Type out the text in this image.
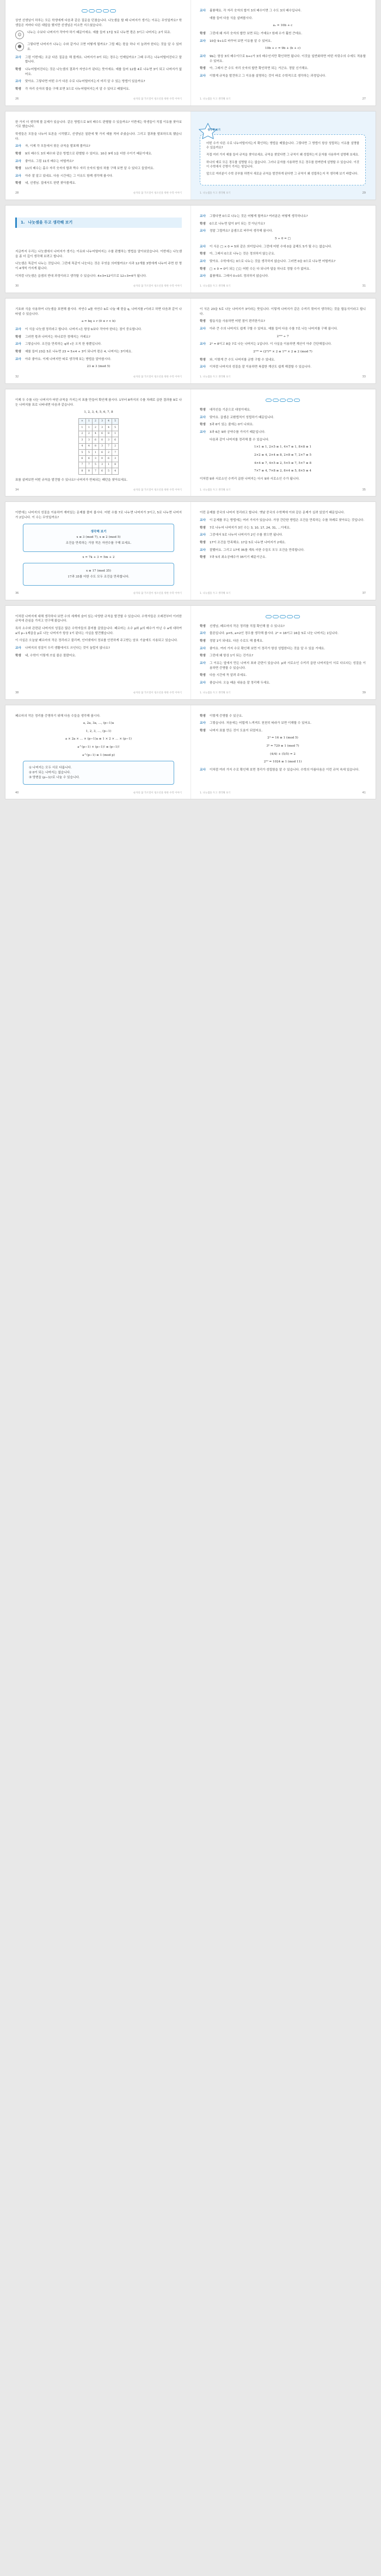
상연 선생님이 하루는 모든 학생에게 다음과 같은 질문을 던졌습니다. 나눗셈을 할 때 나머지가 생기는 이유는 무엇일까요? 학생들은 저마다 다른 대답을 했지만 선생님은 미소만 지으셨습니다.

☺	나누는 수보다 나머지가 작아야 하기 때문이에요. 예를 들어 17을 5로 나누면 몫은 3이고 나머지는 2가 되죠.
☻	그렇다면 나머지가 나누는 수와 같거나 크면 어떻게 될까요? 그럴 때는 몫을 하나 더 늘려야 한다는 것을 알 수 있어요.
교사	그럼 이번에는 조금 다른 질문을 해 볼게요. 나머지가 0이 되는 경우는 언제일까요? 그때 우리는 나누어떨어진다고 말합니다.
학생	나누어떨어진다는 것은 나눗셈의 결과가 자연수가 된다는 뜻이에요. 예를 들어 12를 4로 나누면 3이 되고 나머지가 없어요.
교사	맞아요. 그렇다면 어떤 수가 다른 수로 나누어떨어지는지 미리 알 수 있는 방법이 있을까요?
학생	각 자리 숫자의 합을 구해 보면 3으로 나누어떨어지는지 알 수 있다고 배웠어요.
26	순자의 꿈 가르칠이 청소년을 위한 수학 이야기
교사	훌륭해요. 각 자리 숫자의 합이 3의 배수이면 그 수도 3의 배수입니다.
예를 들어 다음 식을 살펴봅시다.
a₁ = 10b + c
학생	그런데 왜 자리 숫자의 합만 보면 되는 거예요? 원래 수가 훨씬 큰데요.
교사	10을 9+1로 바꾸어 보면 이유를 알 수 있어요.
10b + c = 9b + (b + c)
교사	9b는 항상 3의 배수이므로 b+c가 3의 배수인지만 확인하면 됩니다. 이것을 일반화하면 어떤 자릿수의 수에도 적용할 수 있어요.
학생	아, 그래서 큰 수도 자리 숫자의 합만 확인하면 되는 거군요. 정말 신기해요.
교사	이렇게 규칙을 발견하고 그 이유를 설명하는 것이 바로 수학적으로 생각하는 과정입니다.
27
1. 나눗셈을 두고 생각해 보기

한 가지 더 생각해 볼 문제가 있습니다. 같은 방법으로 9의 배수도 판별할 수 있을까요? 이번에는 학생들이 직접 이유를 찾아보기로 했습니다.

학생들은 모둠을 나누어 토론을 시작했고, 선생님은 칠판에 몇 가지 예를 적어 주셨습니다. 그리고 결과를 발표하도록 했습니다.

교사	자, 이제 각 모둠에서 찾은 규칙을 발표해 볼까요?
학생	9의 배수도 3의 배수와 같은 방법으로 판별할 수 있어요. 10은 9에 1을 더한 수이기 때문이에요.
교사	좋아요. 그럼 11의 배수는 어떨까요?
학생	11의 배수는 홀수 자리 숫자의 합과 짝수 자리 숫자의 합의 차를 구해 보면 알 수 있다고 들었어요.
교사	아주 잘 알고 있네요. 다음 시간에는 그 이유도 함께 생각해 봅시다.
학생	네, 선생님. 집에서도 한번 찾아볼게요.
28	순자의 꿈 가르칠이 청소년을 위한 수학 이야기
생각해 보기

어떤 수가 다른 수로 나누어떨어지는지 확인하는 방법을 배웠습니다. 그렇다면 그 방법이 항상 성립하는 이유를 설명할 수 있을까요?

직접 여러 가지 예를 들어 규칙을 찾아보세요. 규칙을 찾았다면 그 규칙이 왜 성립하는지 문자를 사용하여 설명해 보세요.

하나의 예로 모든 경우를 설명할 수는 없습니다. 그러나 문자를 사용하면 모든 경우를 한꺼번에 설명할 수 있습니다. 이것이 수학에서 증명이 가지는 힘입니다.

앞으로 여러분이 수학 공부를 하면서 새로운 규칙을 발견하게 된다면 그 규칙이 왜 성립하는지 꼭 생각해 보기 바랍니다.

29
1. 나눗셈을 두고 생각해 보기
1. 나눗셈을 두고 생각해 보기

지금까지 우리는 나눗셈에서 나머지가 생기는 이유와 나누어떨어지는 수를 판별하는 방법을 알아보았습니다. 이번에는 나눗셈을 좀 더 깊이 생각해 보려고 합니다.

나눗셈은 똑같이 나누는 것입니다. 그런데 똑같이 나눈다는 것은 무엇을 의미할까요? 사과 12개를 3명에게 나누어 주면 한 명이 4개씩 가지게 됩니다.

이처럼 나눗셈은 곱셈의 반대 과정이라고 생각할 수 있습니다. 4×3=12이므로 12÷3=4가 됩니다.

30	순자의 꿈 가르칠이 청소년을 위한 수학 이야기
교사	그렇다면 0으로 나누는 것은 어떻게 될까요? 여러분은 어떻게 생각하나요?
학생	0으로 나누면 답이 0이 되는 것 아닌가요?
교사	정말 그럴까요? 곱셈으로 바꾸어 생각해 봅시다.
5 ÷ 0 = □
교사	이 식은 □ × 0 = 5와 같은 의미입니다. 그런데 어떤 수에 0을 곱해도 5가 될 수는 없습니다.
학생	아, 그래서 0으로 나누는 것은 정의하지 않는군요.
교사	맞아요. 수학에서는 0으로 나누는 것을 생각하지 않습니다. 그러면 0을 0으로 나누면 어떨까요?
학생	□ × 0 = 0이 되는 □는 어떤 수든 다 되니까 답을 하나로 정할 수가 없어요.
교사	훌륭해요. 그래서 0÷0도 정의하지 않습니다.
31
1. 나눗셈을 두고 생각해 보기

기호와 식을 사용하여 나눗셈을 표현해 봅시다. 자연수 a를 자연수 b로 나눌 때 몫을 q, 나머지를 r이라고 하면 다음과 같이 나타낼 수 있습니다.

a = bq + r (0 ≤ r < b)
교사	이 식을 나눗셈 정리라고 합니다. 나머지 r은 항상 b보다 작아야 한다는 점이 중요합니다.
학생	그러면 몫과 나머지는 하나로만 정해지는 거예요?
교사	그렇습니다. 조건을 만족하는 q와 r은 오직 한 쌍뿐입니다.
학생	예를 들어 23을 5로 나누면 23 = 5×4 + 3이 되니까 몫은 4, 나머지는 3이에요.
교사	아주 좋아요. 이제 나머지만 따로 생각해 보는 방법을 알아봅시다.
23 ≡ 3 (mod 5)
32	순자의 꿈 가르칠이 청소년을 위한 수학 이야기

이 식은 23을 5로 나눈 나머지가 3이라는 뜻입니다. 이렇게 나머지가 같은 수끼리 묶어서 생각하는 것을 합동식이라고 합니다.

학생	합동식을 사용하면 어떤 점이 편리한가요?
교사	아주 큰 수의 나머지도 쉽게 구할 수 있어요. 예를 들어 다음 수를 7로 나눈 나머지를 구해 봅시다.
2¹⁰⁰ ÷ 7
교사	2³ = 8이고 8을 7로 나눈 나머지는 1입니다. 이 사실을 이용하면 계산이 아주 간단해집니다.
2¹⁰⁰ = (2³)³³ × 2 ≡ 1³³ × 2 ≡ 2 (mod 7)
학생	와, 이렇게 큰 수도 나머지를 금방 구할 수 있네요.
교사	이처럼 나머지의 성질을 잘 이용하면 복잡한 계산도 쉽게 해결할 수 있습니다.
33
1. 나눗셈을 두고 생각해 보기

이제 두 수를 나눈 나머지가 어떤 규칙을 가지는지 표를 만들어 확인해 봅시다. 1부터 8까지의 수를 차례로 곱한 결과를 9로 나눈 나머지를 표로 나타내면 다음과 같습니다.

1, 2, 3, 4, 5, 6, 7, 8
×	1	2	3	4	5
1	1	2	3	4	5
2	2	4	6	8	1
3	3	6	0	3	6
4	4	8	3	7	2
5	5	1	6	2	7
6	6	3	0	6	3
7	7	5	3	1	8
8	8	7	6	5	4

표를 살펴보면 어떤 규칙을 발견할 수 있나요? 나머지가 반복되는 패턴을 찾아보세요.

34	순자의 꿈 가르칠이 청소년을 위한 수학 이야기
학생	대각선을 기준으로 대칭이에요.
교사	맞아요. 곱셈은 교환법칙이 성립하기 때문입니다.
학생	3과 6이 있는 줄에는 0이 나와요.
교사	3과 6은 9와 공약수를 가지기 때문입니다.
다음과 같이 나머지를 정리해 볼 수 있습니다.
1×1 ≡ 1, 2×5 ≡ 1, 4×7 ≡ 1, 8×8 ≡ 1
2×2 ≡ 4, 2×4 ≡ 8, 2×8 ≡ 7, 2×7 ≡ 5
4×4 ≡ 7, 4×5 ≡ 2, 5×5 ≡ 7, 5×7 ≡ 8
7×7 ≡ 4, 7×8 ≡ 2, 8×4 ≡ 5, 8×5 ≡ 4

이처럼 9와 서로소인 수끼리 곱한 나머지는 다시 9와 서로소인 수가 됩니다.

35
1. 나눗셈을 두고 생각해 보기

이번에는 나머지의 성질을 이용하여 재미있는 문제를 풀어 봅시다. 어떤 수를 7로 나누면 나머지가 3이고, 5로 나누면 나머지가 2입니다. 이 수는 무엇일까요?

생각해 보기
x ≡ 3 (mod 7), x ≡ 2 (mod 5)
조건을 만족하는 가장 작은 자연수를 구해 보세요.
x = 7k + 3 = 5m + 2
x ≡ 17 (mod 35)
17과 35를 더한 수도 모두 조건을 만족합니다.
36	순자의 꿈 가르칠이 청소년을 위한 수학 이야기

이런 문제를 중국의 나머지 정리라고 합니다. 옛날 중국의 수학책에 이와 같은 문제가 실려 있었기 때문입니다.

교사	이 문제를 푸는 방법에는 여러 가지가 있습니다. 가장 간단한 방법은 조건을 만족하는 수를 차례로 찾아보는 것입니다.
학생	7로 나누어 나머지가 3인 수는 3, 10, 17, 24, 31, …이에요.
교사	그중에서 5로 나누어 나머지가 2인 수를 찾으면 됩니다.
학생	17이 조건을 만족해요. 17을 5로 나누면 나머지가 2예요.
교사	잘했어요. 그리고 17에 35를 계속 더한 수들도 모두 조건을 만족합니다.
학생	7과 5의 최소공배수가 35이기 때문이군요.
37
1. 나눗셈을 두고 생각해 보기

이처럼 나머지에 대해 생각하다 보면 수의 세계에 숨어 있는 다양한 규칙을 발견할 수 있습니다. 수학자들은 오래전부터 이러한 규칙에 관심을 가지고 연구해 왔습니다.

특히 소수와 관련된 나머지의 성질은 많은 수학자들의 흥미를 끌었습니다. 페르마는 소수 p와 p의 배수가 아닌 수 a에 대하여 a의 p−1제곱을 p로 나눈 나머지가 항상 1이 된다는 사실을 발견했습니다.

이 사실은 오늘날 페르마의 작은 정리라고 불리며, 인터넷에서 정보를 안전하게 주고받는 암호 기술에도 사용되고 있습니다.

교사	나머지의 성질이 우리 생활에서도 쓰인다는 것이 놀랍지 않나요?
학생	네, 수학이 이렇게 쓰일 줄은 몰랐어요.
38	순자의 꿈 가르칠이 청소년을 위한 수학 이야기
학생	선생님, 페르마의 작은 정리를 직접 확인해 볼 수 있나요?
교사	물론입니다. p=5, a=2인 경우를 생각해 봅시다. 2⁴ = 16이고 16을 5로 나눈 나머지는 1입니다.
학생	정말 1이 되네요. 다른 수로도 해 볼게요.
교사	좋아요. 여러 가지 수로 확인해 보면 이 정리가 항상 성립한다는 것을 알 수 있을 거예요.
학생	그런데 왜 항상 1이 되는 건가요?
교사	그 이유는 앞에서 만든 나머지 표와 관련이 있습니다. p와 서로소인 수끼리 곱한 나머지들이 서로 다르다는 성질을 이용하면 증명할 수 있습니다.
학생	다음 시간에 꼭 알려 주세요.
교사	좋습니다. 오늘 배운 내용을 잘 정리해 두세요.
39
1. 나눗셈을 두고 생각해 보기

페르마의 작은 정리를 증명하기 위해 다음 수들을 생각해 봅시다.

a, 2a, 3a, …, (p−1)a
1, 2, 3, …, (p−1)
a × 2a × … × (p−1)a ≡ 1 × 2 × … × (p−1)
a^(p−1) × (p−1)! ≡ (p−1)!
a^(p−1) ≡ 1 (mod p)
① 나머지는 모두 서로 다릅니다.
② 0이 되는 나머지는 없습니다.
③ 양변을 (p−1)!로 나눌 수 있습니다.
40	순자의 꿈 가르칠이 청소년을 위한 수학 이야기
학생	이렇게 증명할 수 있군요.
교사	그렇습니다. 처음에는 어렵게 느껴져도 천천히 따라가 보면 이해할 수 있어요.
학생	나머지 표를 만든 것이 도움이 되었어요.
2⁴ = 16 ≡ 1 (mod 5)
3⁶ = 729 ≡ 1 (mod 7)
(4/4) + (5/5) = 2
2¹⁰ = 1024 ≡ 1 (mod 11)
교사	이처럼 여러 가지 수로 확인해 보면 정리가 성립함을 알 수 있습니다. 수학의 아름다움은 이런 규칙 속에 있습니다.
41
1. 나눗셈을 두고 생각해 보기
